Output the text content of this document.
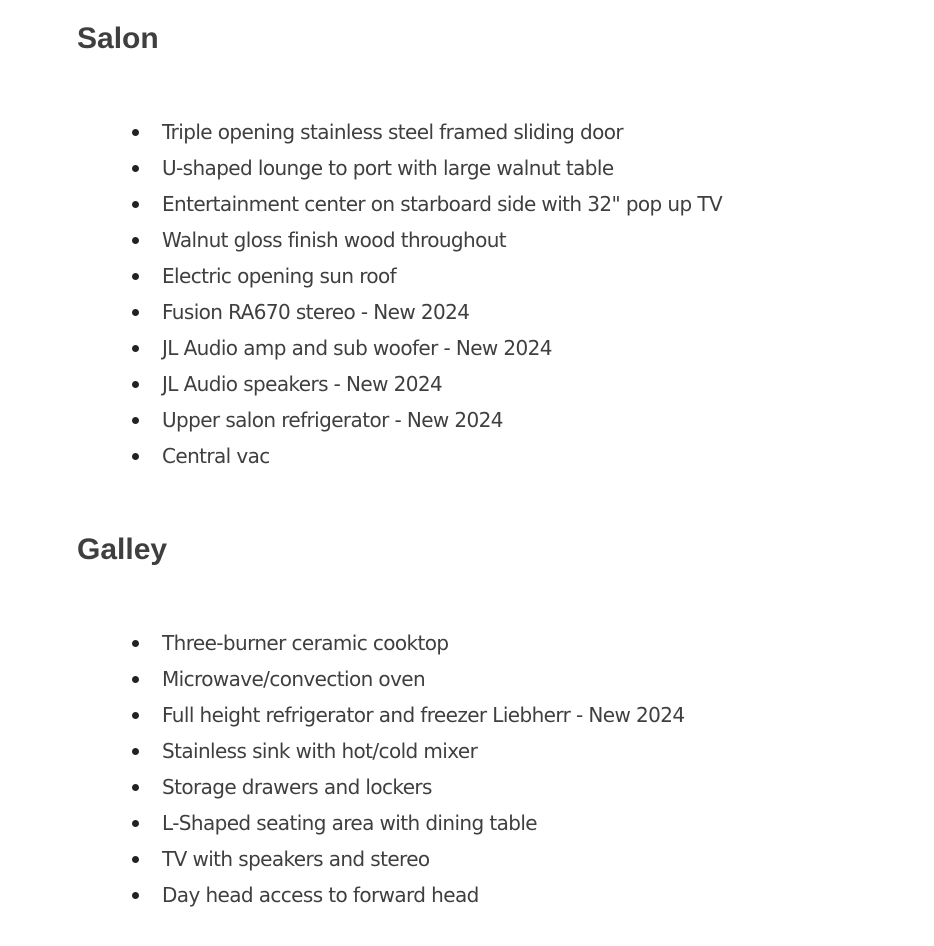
Salon
Triple opening stainless steel framed sliding door
U-shaped lounge to port with large walnut table
Entertainment center on starboard side with 32" pop up TV
Walnut gloss finish wood throughout
Electric opening sun roof
Fusion RA670 stereo - New 2024
JL Audio amp and sub woofer - New 2024
JL Audio speakers - New 2024
Upper salon refrigerator - New 2024
Central vac
Galley
Three-burner ceramic cooktop
Microwave/convection oven
Full height refrigerator and freezer Liebherr - New 2024
Stainless sink with hot/cold mixer
Storage drawers and lockers
L-Shaped seating area with dining table
TV with speakers and stereo
Day head access to forward head
